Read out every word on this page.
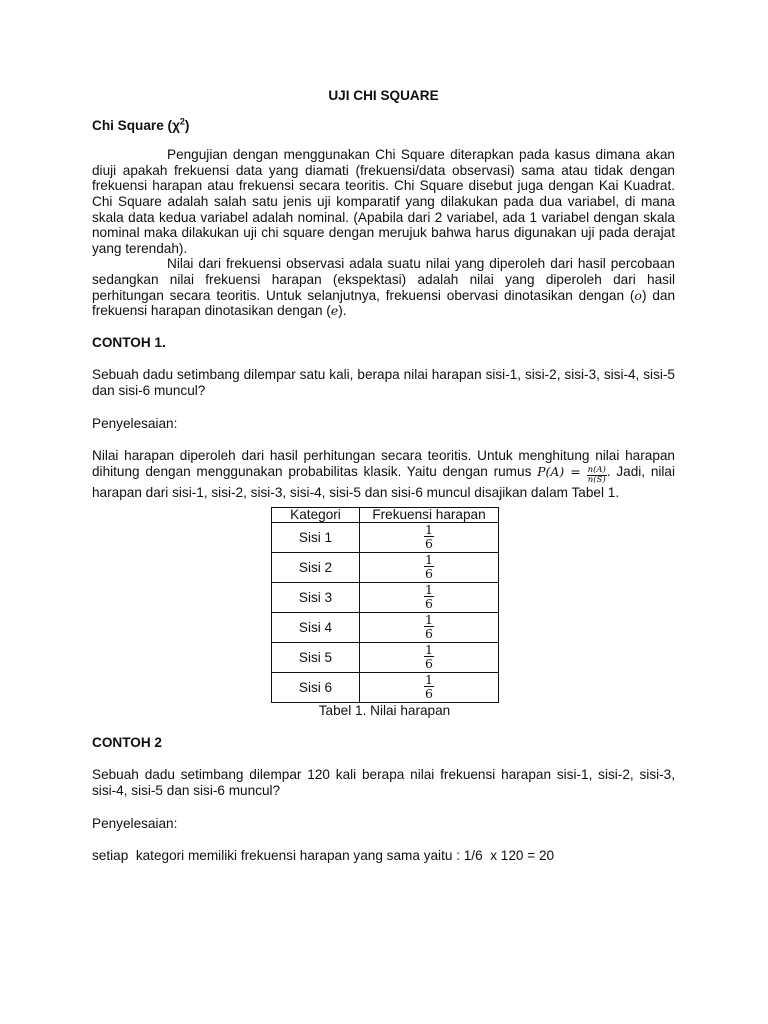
UJI CHI SQUARE

Chi Square $(\chi^2)$

Pengujian dengan menggunakan Chi Square diterapkan pada kasus dimana akan diuji apakah frekuensi data yang diamati (frekuensi/data observasi) sama atau tidak dengan frekuensi harapan atau frekuensi secara teoritis. Chi Square disebut juga dengan Kai Kuadrat. Chi Square adalah salah satu jenis uji komparatif yang dilakukan pada dua variabel, di mana skala data kedua variabel adalah nominal. (Apabila dari 2 variabel, ada 1 variabel dengan skala nominal maka dilakukan uji chi square dengan merujuk bahwa harus digunakan uji pada derajat yang terendah).

Nilai dari frekuensi observasi adala suatu nilai yang diperoleh dari hasil percobaan sedangkan nilai frekuensi harapan (ekspektasi) adalah nilai yang diperoleh dari hasil perhitungan secara teoritis. Untuk selanjutnya, frekuensi obervasi dinotasikan dengan (o) dan frekuensi harapan dinotasikan dengan (e).

CONTOH 1.

Sebuah dadu setimbang dilempar satu kali, berapa nilai harapan sisi-1, sisi-2, sisi-3, sisi-4, sisi-5 dan sisi-6 muncul?

Penyelesaian:

Nilai harapan diperoleh dari hasil perhitungan secara teoritis. Untuk menghitung nilai harapan dihitung dengan menggunakan probabilitas klasik. Yaitu dengan rumus $P(A) = \frac{n(A)}{n(S)}$ . Jadi, nilai harapan dari sisi-1, sisi-2, sisi-3, sisi-4, sisi-5 dan sisi-6 muncul disajikan dalam Tabel 1.

Kategori	Frekuensi harapan
Sisi 1	$\frac{1}{6}$

Sisi 2	$\frac{1}{6}$

Sisi 3	$\frac{1}{6}$

Sisi 4	$\frac{1}{6}$

Sisi 5	$\frac{1}{6}$

Sisi 6	$\frac{1}{6}$

Tabel 1. Nilai harapan

CONTOH 2

Sebuah dadu setimbang dilempar 120 kali berapa nilai frekuensi harapan sisi-1, sisi-2, sisi-3, sisi-4, sisi-5 dan sisi-6 muncul?

Penyelesaian:

setiap  kategori memiliki frekuensi harapan yang sama yaitu : 1/6  x 120 = 20
